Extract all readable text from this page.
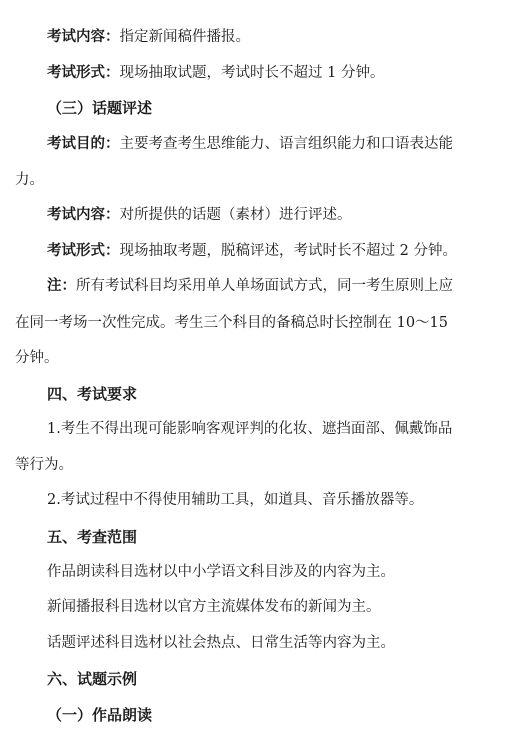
考试内容：指定新闻稿件播报。
考试形式：现场抽取试题，考试时长不超过 1 分钟。
（三）话题评述
考试目的：主要考查考生思维能力、语言组织能力和口语表达能
力。
考试内容：对所提供的话题（素材）进行评述。
考试形式：现场抽取考题，脱稿评述，考试时长不超过 2 分钟。
注：所有考试科目均采用单人单场面试方式，同一考生原则上应
在同一考场一次性完成。考生三个科目的备稿总时长控制在 10～15
分钟。
四、考试要求
1.考生不得出现可能影响客观评判的化妆、遮挡面部、佩戴饰品
等行为。
2.考试过程中不得使用辅助工具，如道具、音乐播放器等。
五、考查范围
作品朗读科目选材以中小学语文科目涉及的内容为主。
新闻播报科目选材以官方主流媒体发布的新闻为主。
话题评述科目选材以社会热点、日常生活等内容为主。
六、试题示例
（一）作品朗读
